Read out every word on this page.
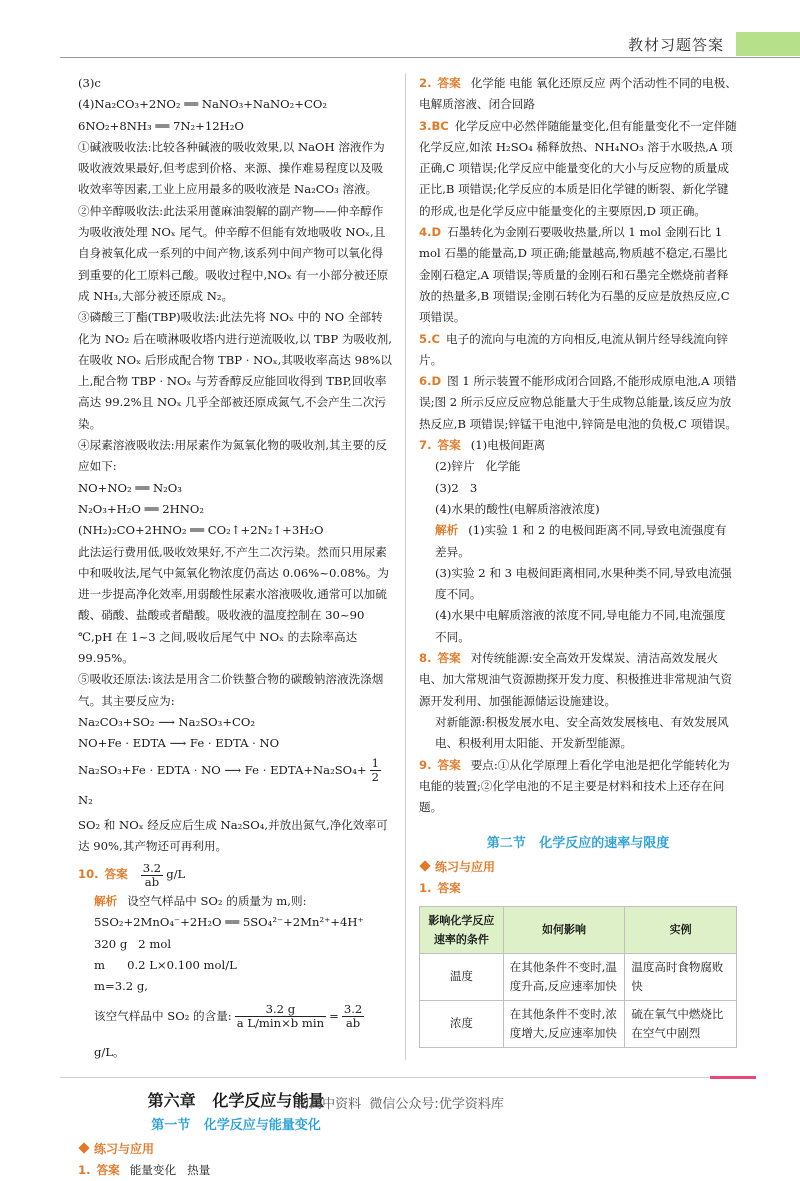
教材习题答案

(3)c

(4)Na₂CO₃+2NO₂ ══ NaNO₃+NaNO₂+CO₂

6NO₂+8NH₃ ══ 7N₂+12H₂O

①碱液吸收法:比较各种碱液的吸收效果,以 NaOH 溶液作为吸收液效果最好,但考虑到价格、来源、操作难易程度以及吸收效率等因素,工业上应用最多的吸收液是 Na₂CO₃ 溶液。

②仲辛醇吸收法:此法采用蓖麻油裂解的副产物——仲辛醇作为吸收液处理 NOₓ 尾气。仲辛醇不但能有效地吸收 NOₓ,且自身被氧化成一系列的中间产物,该系列中间产物可以氧化得到重要的化工原料己酸。吸收过程中,NOₓ 有一小部分被还原成 NH₃,大部分被还原成 N₂。

③磷酸三丁酯(TBP)吸收法:此法先将 NOₓ 中的 NO 全部转化为 NO₂ 后在喷淋吸收塔内进行逆流吸收,以 TBP 为吸收剂,在吸收 NOₓ 后形成配合物 TBP · NOₓ,其吸收率高达 98%以上,配合物 TBP · NOₓ 与芳香醇反应能回收得到 TBP,回收率高达 99.2%且 NOₓ 几乎全部被还原成氮气,不会产生二次污染。

④尿素溶液吸收法:用尿素作为氮氧化物的吸收剂,其主要的反应如下:

NO+NO₂ ══ N₂O₃

N₂O₃+H₂O ══ 2HNO₂

(NH₂)₂CO+2HNO₂ ══ CO₂↑+2N₂↑+3H₂O

此法运行费用低,吸收效果好,不产生二次污染。然而只用尿素中和吸收法,尾气中氮氧化物浓度仍高达 0.06%~0.08%。为进一步提高净化效率,用弱酸性尿素水溶液吸收,通常可以加硫酸、硝酸、盐酸或者醋酸。吸收液的温度控制在 30~90 ℃,pH 在 1~3 之间,吸收后尾气中 NOₓ 的去除率高达 99.95%。

⑤吸收还原法:该法是用含二价铁螯合物的碳酸钠溶液洗涤烟气。其主要反应为:

Na₂CO₃+SO₂ ⟶ Na₂SO₃+CO₂

NO+Fe · EDTA ⟶ Fe · EDTA · NO

Na₂SO₃+Fe · EDTA · NO ⟶ Fe · EDTA+Na₂SO₄+ $\frac{1}{2}$
N₂

SO₂ 和 NOₓ 经反应后生成 Na₂SO₄,并放出氮气,净化效率可达 90%,其产物还可再利用。

10. 答案 $\frac{3.2}{ab} g/L$

解析 设空气样品中 SO₂ 的质量为 m,则:

5SO₂+2MnO₄⁻+2H₂O ══ 5SO₄²⁻+2Mn²⁺+4H⁺

320 g   2 mol

m      0.2 L×0.100 mol/L

m=3.2 g,

该空气样品中 SO₂ 的含量: $\frac{3.2 g}{\text{a L/min×b min}} = \frac{3.2}{ab}$
g/L。

第六章   化学反应与能量
第一节   化学反应与能量变化
练习与应用

1. 答案 能量变化   热量

2. 答案 化学能 电能 氧化还原反应 两个活动性不同的电极、电解质溶液、闭合回路

3.BC 化学反应中必然伴随能量变化,但有能量变化不一定伴随化学反应,如浓 H₂SO₄ 稀释放热、NH₄NO₃ 溶于水吸热,A 项正确,C 项错误;化学反应中能量变化的大小与反应物的质量成正比,B 项错误;化学反应的本质是旧化学键的断裂、新化学键的形成,也是化学反应中能量变化的主要原因,D 项正确。

4.D 石墨转化为金刚石要吸收热量,所以 1 mol 金刚石比 1 mol 石墨的能量高,D 项正确;能量越高,物质越不稳定,石墨比金刚石稳定,A 项错误;等质量的金刚石和石墨完全燃烧前者释放的热量多,B 项错误;金刚石转化为石墨的反应是放热反应,C 项错误。

5.C 电子的流向与电流的方向相反,电流从铜片经导线流向锌片。

6.D 图 1 所示装置不能形成闭合回路,不能形成原电池,A 项错误;图 2 所示反应反应物总能量大于生成物总能量,该反应为放热反应,B 项错误;锌锰干电池中,锌筒是电池的负极,C 项错误。

7. 答案 (1)电极间距离

(2)锌片   化学能

(3)2   3

(4)水果的酸性(电解质溶液浓度)

解析 (1)实验 1 和 2 的电极间距离不同,导致电流强度有差异。

(3)实验 2 和 3 电极间距离相同,水果种类不同,导致电流强度不同。

(4)水果中电解质溶液的浓度不同,导电能力不同,电流强度不同。

8. 答案 对传统能源:安全高效开发煤炭、清洁高效发展火电、加大常规油气资源勘探开发力度、积极推进非常规油气资源开发利用、加强能源储运设施建设。

对新能源:积极发展水电、安全高效发展核电、有效发展风电、积极利用太阳能、开发新型能源。

9. 答案 要点:①从化学原理上看化学电池是把化学能转化为电能的装置;②化学电池的不足主要是材料和技术上还存在问题。

第二节   化学反应的速率与限度
练习与应用

1. 答案

影响化学反应速率的条件	如何影响	实例
温度	在其他条件不变时,温度升高,反应速率加快	温度高时食物腐败快
浓度	在其他条件不变时,浓度增大,反应速率加快	硫在氧气中燃烧比在空气中剧烈
初高中资料  微信公众号:优学资料库
